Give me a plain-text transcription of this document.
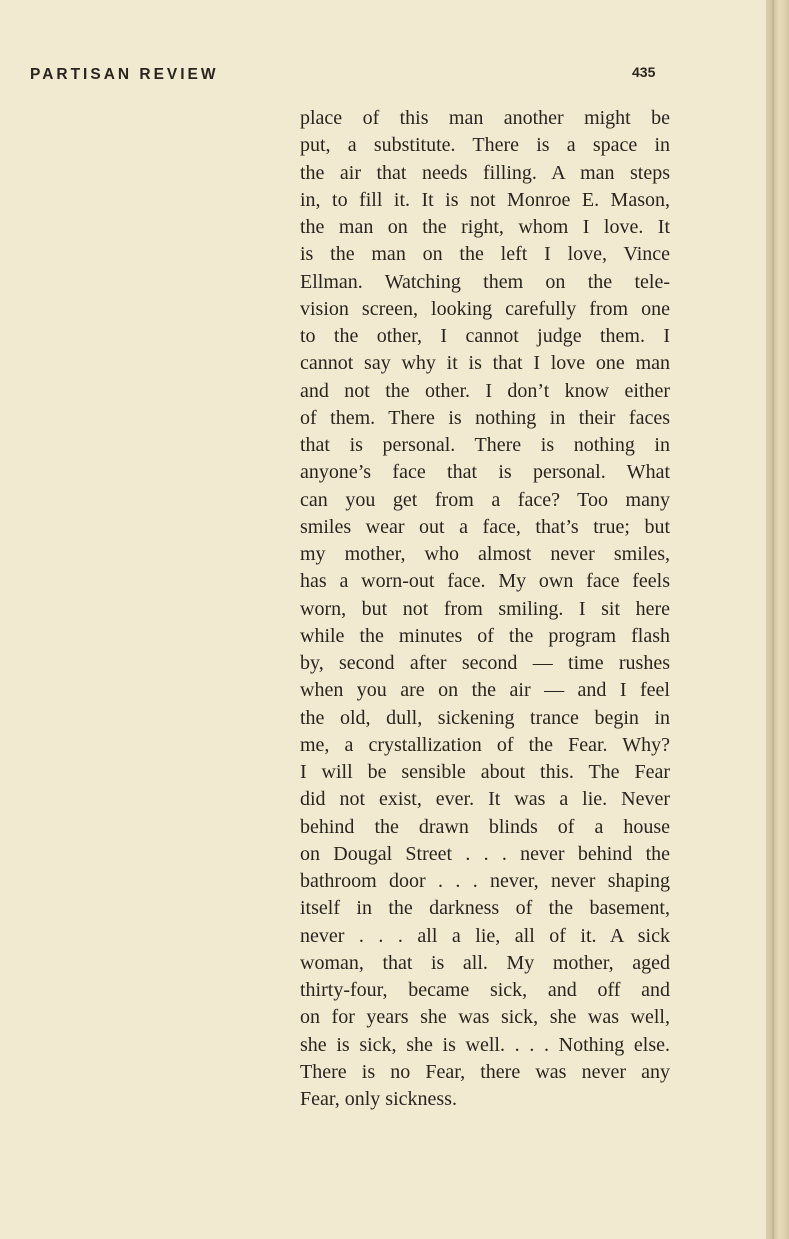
PARTISAN REVIEW	435
place of this man another might be
put, a substitute. There is a space in
the air that needs filling. A man steps
in, to fill it. It is not Monroe E. Mason,
the man on the right, whom I love. It
is the man on the left I love, Vince
Ellman. Watching them on the tele-
vision screen, looking carefully from one
to the other, I cannot judge them. I
cannot say why it is that I love one man
and not the other. I don’t know either
of them. There is nothing in their faces
that is personal. There is nothing in
anyone’s face that is personal. What
can you get from a face? Too many
smiles wear out a face, that’s true; but
my mother, who almost never smiles,
has a worn-out face. My own face feels
worn, but not from smiling. I sit here
while the minutes of the program flash
by, second after second — time rushes
when you are on the air — and I feel
the old, dull, sickening trance begin in
me, a crystallization of the Fear. Why?
I will be sensible about this. The Fear
did not exist, ever. It was a lie. Never
behind the drawn blinds of a house
on Dougal Street . . . never behind the
bathroom door . . . never, never shaping
itself in the darkness of the basement,
never . . . all a lie, all of it. A sick
woman, that is all. My mother, aged
thirty-four, became sick, and off and
on for years she was sick, she was well,
she is sick, she is well. . . . Nothing else.
There is no Fear, there was never any
Fear, only sickness.
